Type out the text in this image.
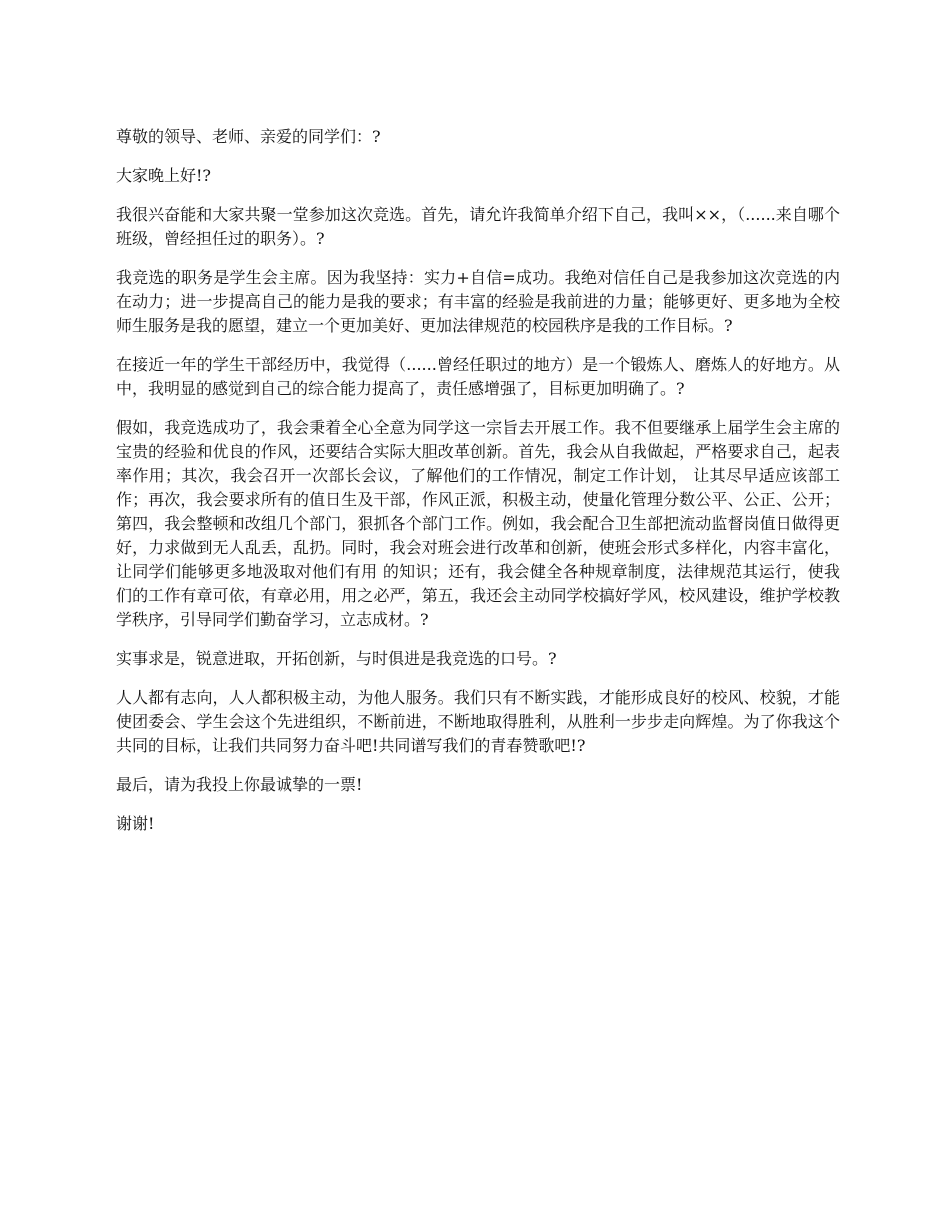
尊敬的领导、老师、亲爱的同学们：?

大家晚上好!?

我很兴奋能和大家共聚一堂参加这次竞选。首先，请允许我简单介绍下自己，我叫××，（......来自哪个班级，曾经担任过的职务）。?

我竞选的职务是学生会主席。因为我坚持：实力+自信=成功。我绝对信任自己是我参加这次竞选的内在动力；进一步提高自己的能力是我的要求；有丰富的经验是我前进的力量；能够更好、更多地为全校师生服务是我的愿望，建立一个更加美好、更加法律规范的校园秩序是我的工作目标。?

在接近一年的学生干部经历中，我觉得（......曾经任职过的地方）是一个锻炼人、磨炼人的好地方。从中，我明显的感觉到自己的综合能力提高了，责任感增强了，目标更加明确了。?

假如，我竞选成功了，我会秉着全心全意为同学这一宗旨去开展工作。我不但要继承上届学生会主席的宝贵的经验和优良的作风，还要结合实际大胆改革创新。首先，我会从自我做起，严格要求自己，起表率作用；其次，我会召开一次部长会议，了解他们的工作情况，制定工作计划， 让其尽早适应该部工作；再次，我会要求所有的值日生及干部，作风正派，积极主动，使量化管理分数公平、公正、公开；第四，我会整顿和改组几个部门，狠抓各个部门工作。例如，我会配合卫生部把流动监督岗值日做得更好，力求做到无人乱丢，乱扔。同时，我会对班会进行改革和创新，使班会形式多样化，内容丰富化，让同学们能够更多地汲取对他们有用 的知识；还有，我会健全各种规章制度，法律规范其运行，使我们的工作有章可依，有章必用，用之必严，第五，我还会主动同学校搞好学风，校风建设，维护学校教学秩序，引导同学们勤奋学习，立志成材。?

实事求是，锐意进取，开拓创新，与时俱进是我竞选的口号。?

人人都有志向，人人都积极主动，为他人服务。我们只有不断实践，才能形成良好的校风、校貌，才能使团委会、学生会这个先进组织，不断前进，不断地取得胜利，从胜利一步步走向辉煌。为了你我这个共同的目标，让我们共同努力奋斗吧!共同谱写我们的青春赞歌吧!?

最后，请为我投上你最诚挚的一票!

谢谢!
